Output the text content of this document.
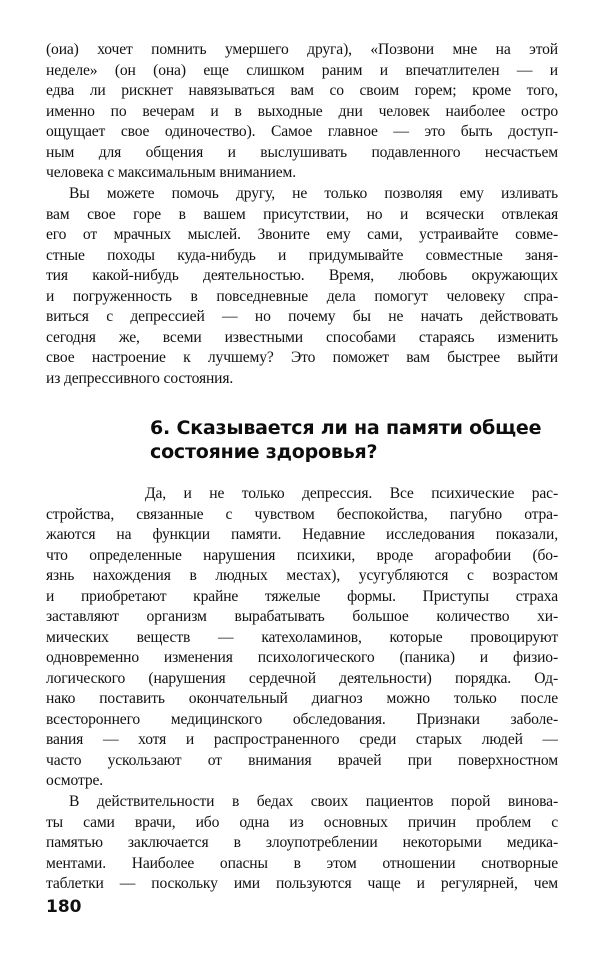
(оиа) хочет помнить умершего друга), «Позвони мне на этой
неделе» (он (она) еще слишком раним и впечатлителен — и
едва ли рискнет навязываться вам со своим горем; кроме того,
именно по вечерам и в выходные дни человек наиболее остро
ощущает свое одиночество). Самое главное — это быть доступ-
ным для общения и выслушивать подавленного несчастьем
человека с максимальным вниманием.
Вы можете помочь другу, не только позволяя ему изливать
вам свое горе в вашем присутствии, но и всячески отвлекая
его от мрачных мыслей. Звоните ему сами, устраивайте совме-
стные походы куда-нибудь и придумывайте совместные заня-
тия какой-нибудь деятельностью. Время, любовь окружающих
и погруженность в повседневные дела помогут человеку спра-
виться с депрессией — но почему бы не начать действовать
сегодня же, всеми известными способами стараясь изменить
свое настроение к лучшему? Это поможет вам быстрее выйти
из депрессивного состояния.
6. Сказывается ли на памяти общее
состояние здоровья?
Да, и не только депрессия. Все психические рас-
стройства, связанные с чувством беспокойства, пагубно отра-
жаются на функции памяти. Недавние исследования показали,
что определенные нарушения психики, вроде агорафобии (бо-
язнь нахождения в людных местах), усугубляются с возрастом
и приобретают крайне тяжелые формы. Приступы страха
заставляют организм вырабатывать большое количество хи-
мических веществ — катехоламинов, которые провоцируют
одновременно изменения психологического (паника) и физио-
логического (нарушения сердечной деятельности) порядка. Од-
нако поставить окончательный диагноз можно только после
всестороннего медицинского обследования. Признаки заболе-
вания — хотя и распространенного среди старых людей —
часто ускользают от внимания врачей при поверхностном
осмотре.
В действительности в бедах своих пациентов порой винова-
ты сами врачи, ибо одна из основных причин проблем с
памятью заключается в злоупотреблении некоторыми медика-
ментами. Наиболее опасны в этом отношении снотворные
таблетки — поскольку ими пользуются чаще и регулярней, чем
180
